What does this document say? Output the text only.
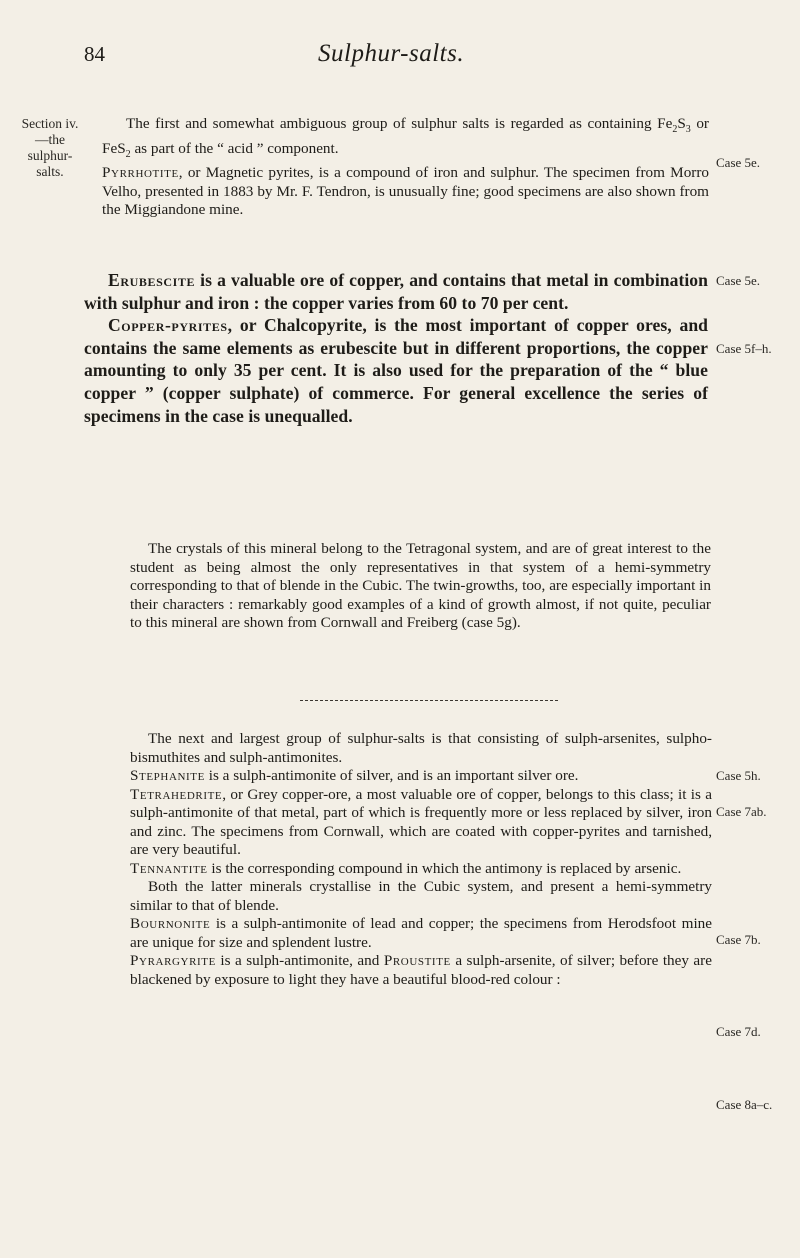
84	Sulphur-salts.
Section iv. —the sulphur-salts.
Case 5e.
Case 5e.
Case 5f–h.
Case 5h.
Case 7ab.
Case 7b.
Case 7d.
Case 8a–c.

The first and somewhat ambiguous group of sulphur salts is regarded as containing $Fe_2S_3$ or FeS$_2$ as part of the “ acid ” component.

Pyrrhotite, or Magnetic pyrites, is a compound of iron and sulphur. The specimen from Morro Velho, presented in 1883 by Mr. F. Tendron, is unusually fine; good specimens are also shown from the Miggiandone mine.

Erubescite is a valuable ore of copper, and contains that metal in combination with sulphur and iron : the copper varies from 60 to 70 per cent.

Copper-pyrites, or Chalcopyrite, is the most important of copper ores, and contains the same elements as erubescite but in different proportions, the copper amounting to only 35 per cent. It is also used for the preparation of the “ blue copper ” (copper sulphate) of commerce. For general excellence the series of specimens in the case is unequalled.

The crystals of this mineral belong to the Tetragonal system, and are of great interest to the student as being almost the only representatives in that system of a hemi-symmetry corresponding to that of blende in the Cubic. The twin-growths, too, are especially important in their characters : remarkably good examples of a kind of growth almost, if not quite, peculiar to this mineral are shown from Cornwall and Freiberg (case 5g).

The next and largest group of sulphur-salts is that consisting of sulph-arsenites, sulpho-bismuthites and sulph-antimonites.

Stephanite is a sulph-antimonite of silver, and is an important silver ore.

Tetrahedrite, or Grey copper-ore, a most valuable ore of copper, belongs to this class; it is a sulph-antimonite of that metal, part of which is frequently more or less replaced by silver, iron and zinc. The specimens from Cornwall, which are coated with copper-pyrites and tarnished, are very beautiful.

Tennantite is the corresponding compound in which the antimony is replaced by arsenic.

Both the latter minerals crystallise in the Cubic system, and present a hemi-symmetry similar to that of blende.

Bournonite is a sulph-antimonite of lead and copper; the specimens from Herodsfoot mine are unique for size and splendent lustre.

Pyrargyrite is a sulph-antimonite, and Proustite a sulph-arsenite, of silver; before they are blackened by exposure to light they have a beautiful blood-red colour :
